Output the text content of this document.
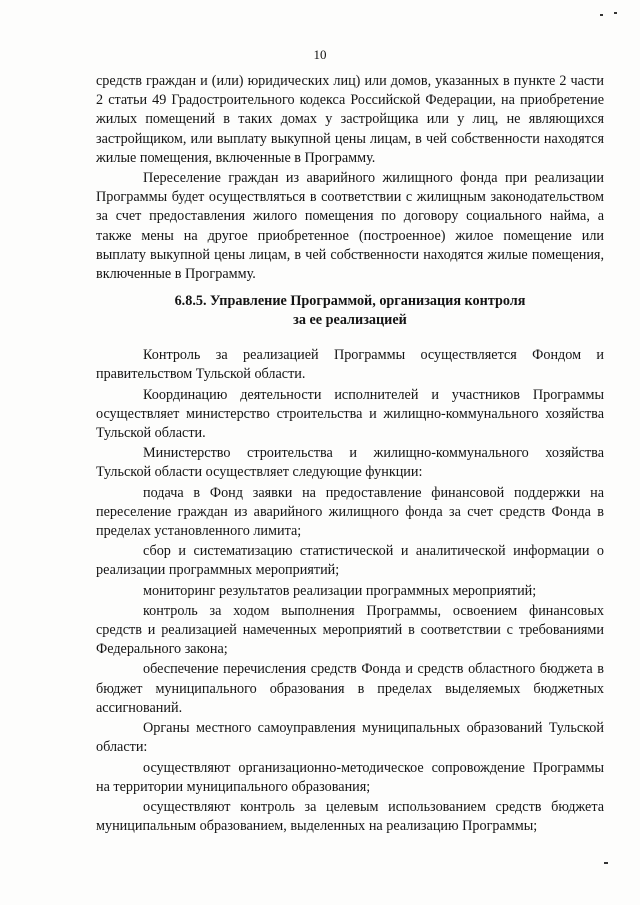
10

средств граждан и (или) юридических лиц) или домов, указанных в пункте 2 части 2 статьи 49 Градостроительного кодекса Российской Федерации, на приобретение жилых помещений в таких домах у застройщика или у лиц, не являющихся застройщиком, или выплату выкупной цены лицам, в чей собственности находятся жилые помещения, включенные в Программу.

Переселение граждан из аварийного жилищного фонда при реализации Программы будет осуществляться в соответствии с жилищным законодательством за счет предоставления жилого помещения по договору социального найма, а также мены на другое приобретенное (построенное) жилое помещение или выплату выкупной цены лицам, в чей собственности находятся жилые помещения, включенные в Программу.

6.8.5. Управление Программой, организация контроля
за ее реализацией

Контроль за реализацией Программы осуществляется Фондом и правительством Тульской области.

Координацию деятельности исполнителей и участников Программы осуществляет министерство строительства и жилищно-коммунального хозяйства Тульской области.

Министерство строительства и жилищно-коммунального хозяйства Тульской области осуществляет следующие функции:

подача в Фонд заявки на предоставление финансовой поддержки на переселение граждан из аварийного жилищного фонда за счет средств Фонда в пределах установленного лимита;

сбор и систематизацию статистической и аналитической информации о реализации программных мероприятий;

мониторинг результатов реализации программных мероприятий;

контроль за ходом выполнения Программы, освоением финансовых средств и реализацией намеченных мероприятий в соответствии с требованиями Федерального закона;

обеспечение перечисления средств Фонда и средств областного бюджета в бюджет муниципального образования в пределах выделяемых бюджетных ассигнований.

Органы местного самоуправления муниципальных образований Тульской области:

осуществляют организационно-методическое сопровождение Программы на территории муниципального образования;

осуществляют контроль за целевым использованием средств бюджета муниципальным образованием, выделенных на реализацию Программы;
